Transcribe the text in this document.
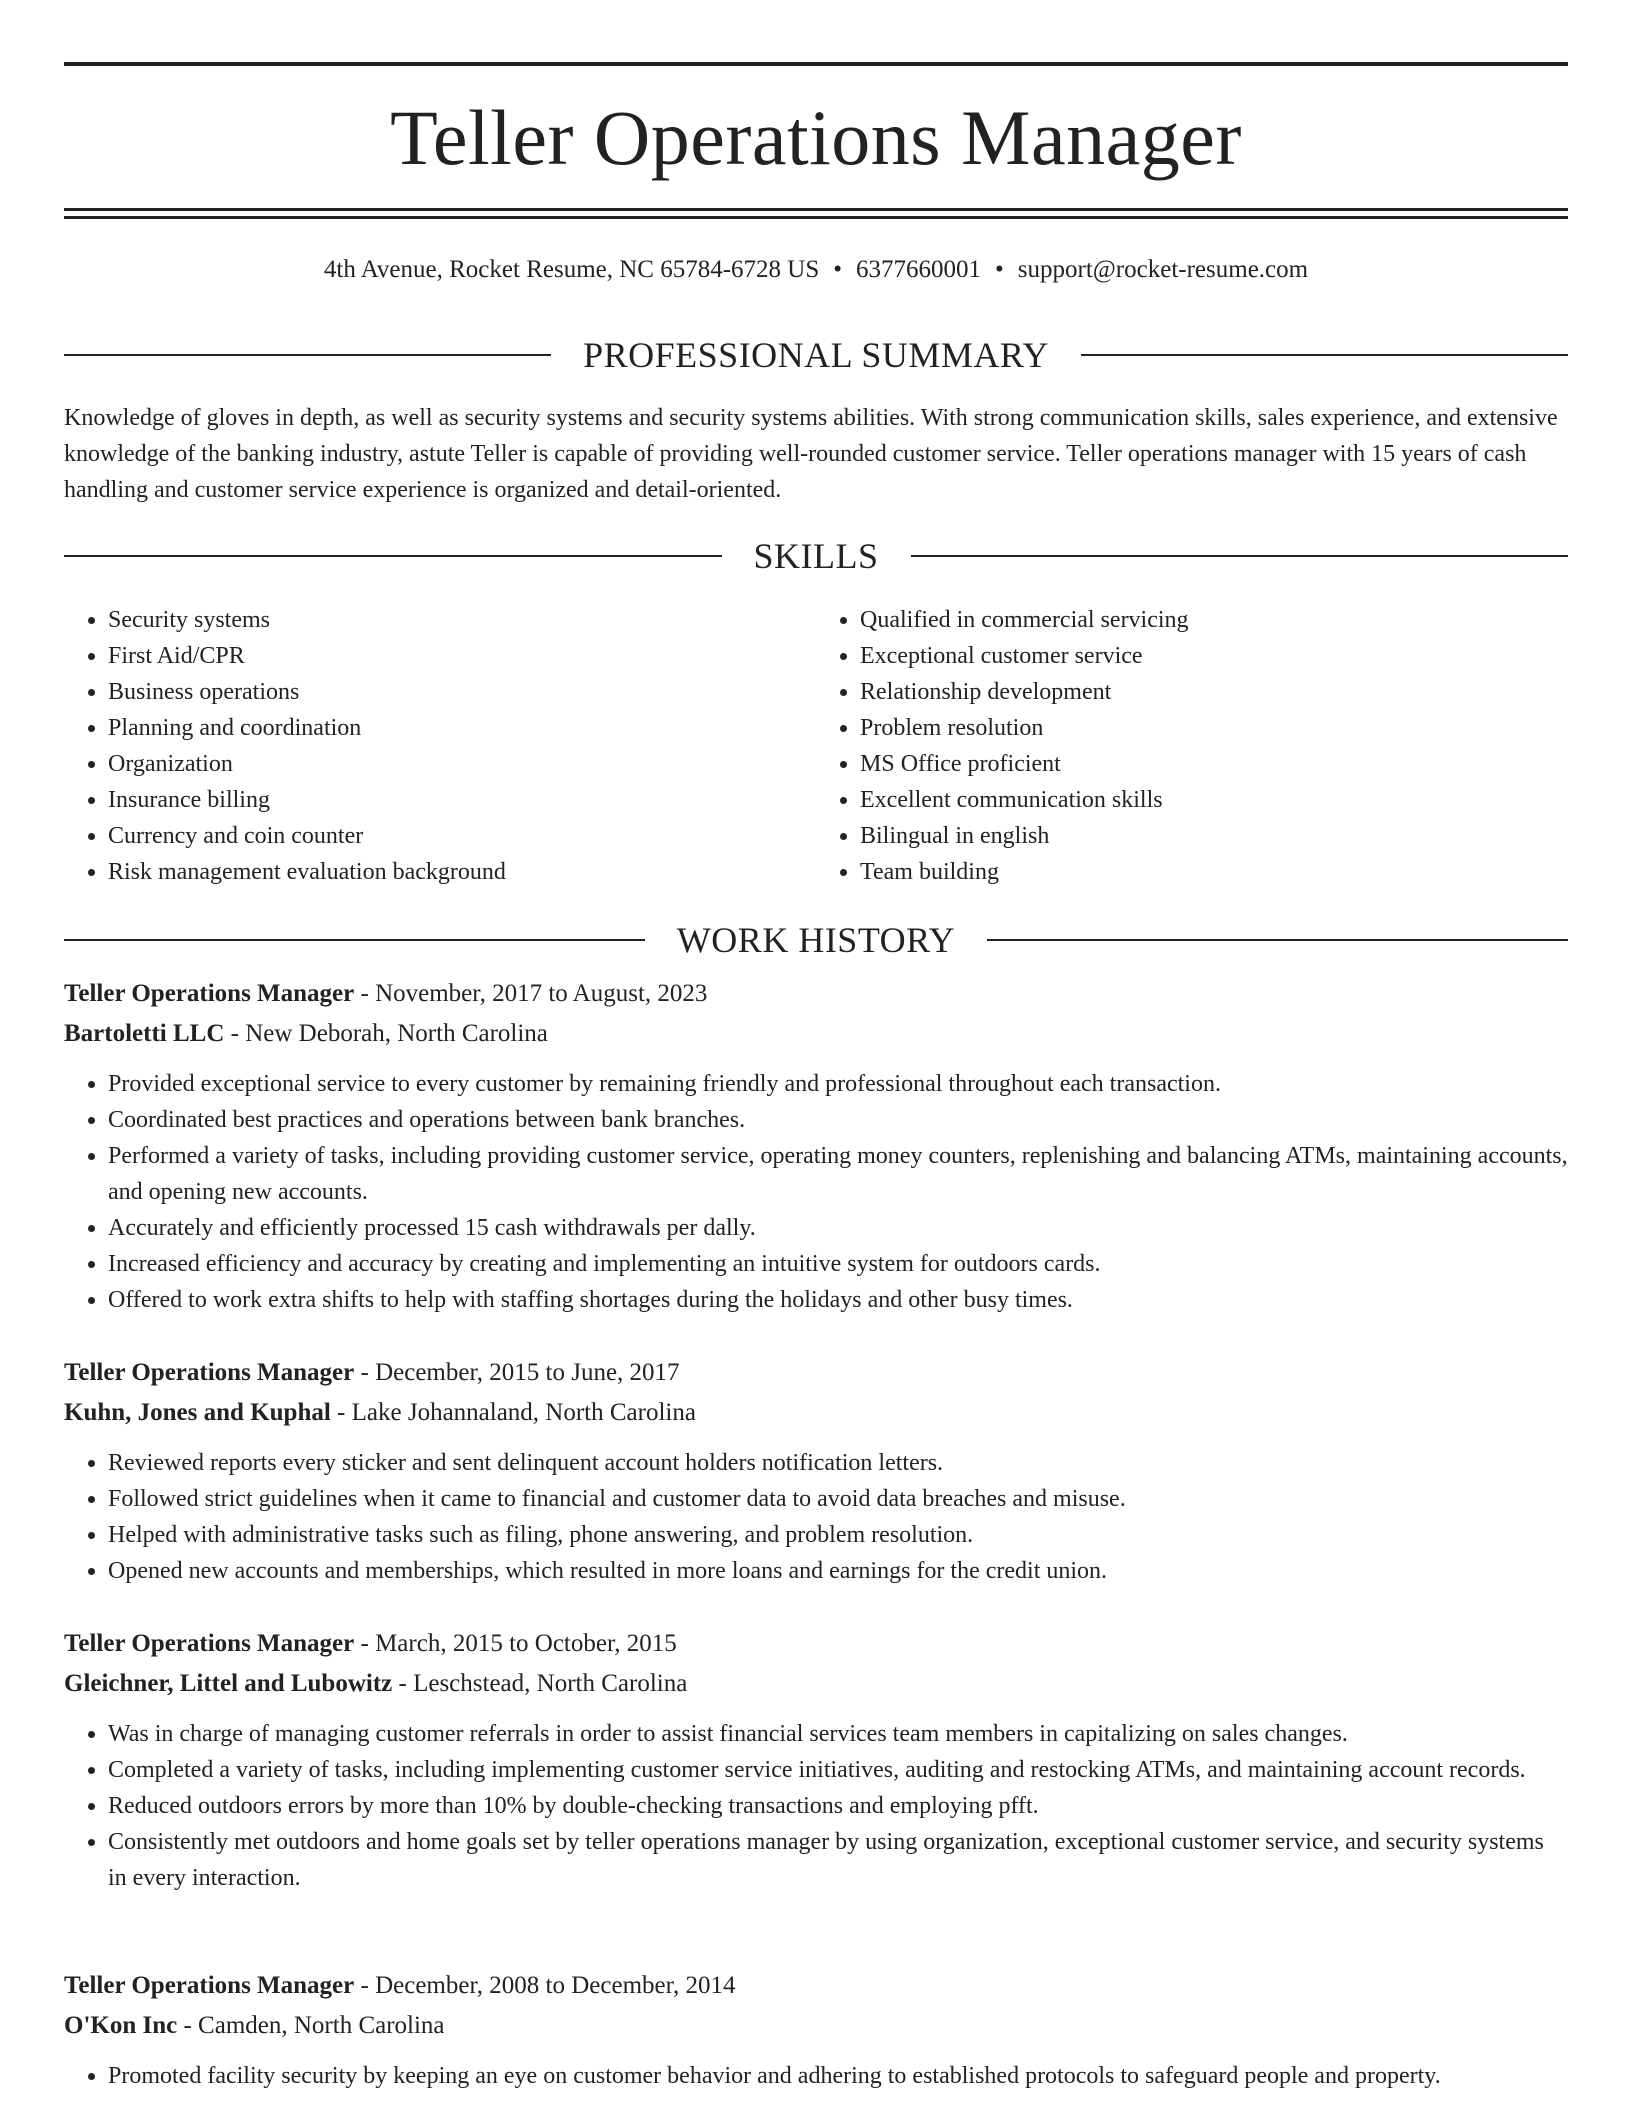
Teller Operations Manager
4th Avenue, Rocket Resume, NC 65784-6728 US • 6377660001 • support@rocket-resume.com
PROFESSIONAL SUMMARY

Knowledge of gloves in depth, as well as security systems and security systems abilities. With strong communication skills, sales experience, and extensive knowledge of the banking industry, astute Teller is capable of providing well-rounded customer service. Teller operations manager with 15 years of cash handling and customer service experience is organized and detail-oriented.

SKILLS
• Security systems
• First Aid/CPR
• Business operations
• Planning and coordination
• Organization
• Insurance billing
• Currency and coin counter
• Risk management evaluation background
• Qualified in commercial servicing
• Exceptional customer service
• Relationship development
• Problem resolution
• MS Office proficient
• Excellent communication skills
• Bilingual in english
• Team building
WORK HISTORY
Teller Operations Manager - November, 2017 to August, 2023
Bartoletti LLC - New Deborah, North Carolina
• Provided exceptional service to every customer by remaining friendly and professional throughout each transaction.
• Coordinated best practices and operations between bank branches.
• Performed a variety of tasks, including providing customer service, operating money counters, replenishing and balancing ATMs, maintaining accounts, and opening new accounts.
• Accurately and efficiently processed 15 cash withdrawals per dally.
• Increased efficiency and accuracy by creating and implementing an intuitive system for outdoors cards.
• Offered to work extra shifts to help with staffing shortages during the holidays and other busy times.
Teller Operations Manager - December, 2015 to June, 2017
Kuhn, Jones and Kuphal - Lake Johannaland, North Carolina
• Reviewed reports every sticker and sent delinquent account holders notification letters.
• Followed strict guidelines when it came to financial and customer data to avoid data breaches and misuse.
• Helped with administrative tasks such as filing, phone answering, and problem resolution.
• Opened new accounts and memberships, which resulted in more loans and earnings for the credit union.
Teller Operations Manager - March, 2015 to October, 2015
Gleichner, Littel and Lubowitz - Leschstead, North Carolina
• Was in charge of managing customer referrals in order to assist financial services team members in capitalizing on sales changes.
• Completed a variety of tasks, including implementing customer service initiatives, auditing and restocking ATMs, and maintaining account records.
• Reduced outdoors errors by more than 10% by double-checking transactions and employing pfft.
• Consistently met outdoors and home goals set by teller operations manager by using organization, exceptional customer service, and security systems in every interaction.
Teller Operations Manager - December, 2008 to December, 2014
O'Kon Inc - Camden, North Carolina
• Promoted facility security by keeping an eye on customer behavior and adhering to established protocols to safeguard people and property.
